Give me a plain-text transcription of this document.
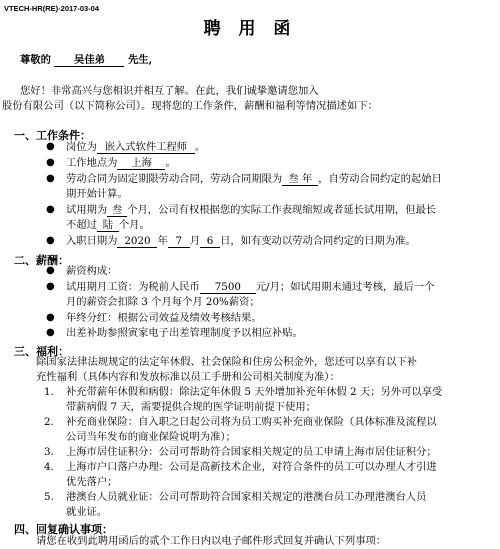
VTECH-HR(RE)-2017-03-04
聘 用 函
尊敬的 吴佳弟 先生,
您好！非常高兴与您相识并相互了解。在此，我们诚挚邀请您加入
股份有限公司（以下简称公司）。现将您的工作条件，薪酬和福利等情况描述如下：
一、工作条件：
● 岗位为 嵌入式软件工程师 。
● 工作地点为 上海 。
● 劳动合同为固定期限劳动合同，劳动合同期限为 叁 年 ，自劳动合同约定的起始日
期开始计算。
● 试用期为 叁 个月，公司有权根据您的实际工作表现缩短或者延长试用期，但最长
不超过 陆 个月。
● 入职日期为 2020 年 7 月 6 日，如有变动以劳动合同约定的日期为准。
二、薪酬：
● 薪资构成：
● 试用期月工资：为税前人民币 7500 元/月；如试用期未通过考核，最后一个
月的薪资会扣除 3 个月每个月 20%薪资；
● 年终分红：根据公司效益及绩效考核结果。
● 出差补助参照寅家电子出差管理制度予以相应补贴。
三、福利：
除国家法律法规规定的法定年休假、社会保险和住房公积金外，您还可以享有以下补
充性福利（具体内容和发放标准以员工手册和公司相关制度为准）：
1. 补充带薪年休假和病假：除法定年休假 5 天外增加补充年休假 2 天；另外可以享受
带薪病假 7 天，需要提供合规的医学证明前提下使用；
2. 补充商业保险：自入职之日起公司将为员工购买补充商业保险（具体标准及流程以
公司当年发布的商业保险说明为准）；
3. 上海市居住证积分：公司可帮助符合国家相关规定的员工申请上海市居住证积分；
4. 上海市户口落户办理：公司是高新技术企业，对符合条件的员工可以办理人才引进
优先落户；
5. 港澳台人员就业证：公司可帮助符合国家相关规定的港澳台员工办理港澳台人员
就业证。
四、回复确认事项：
请您在收到此聘用函后的贰个工作日内以电子邮件形式回复并确认下列事项：
